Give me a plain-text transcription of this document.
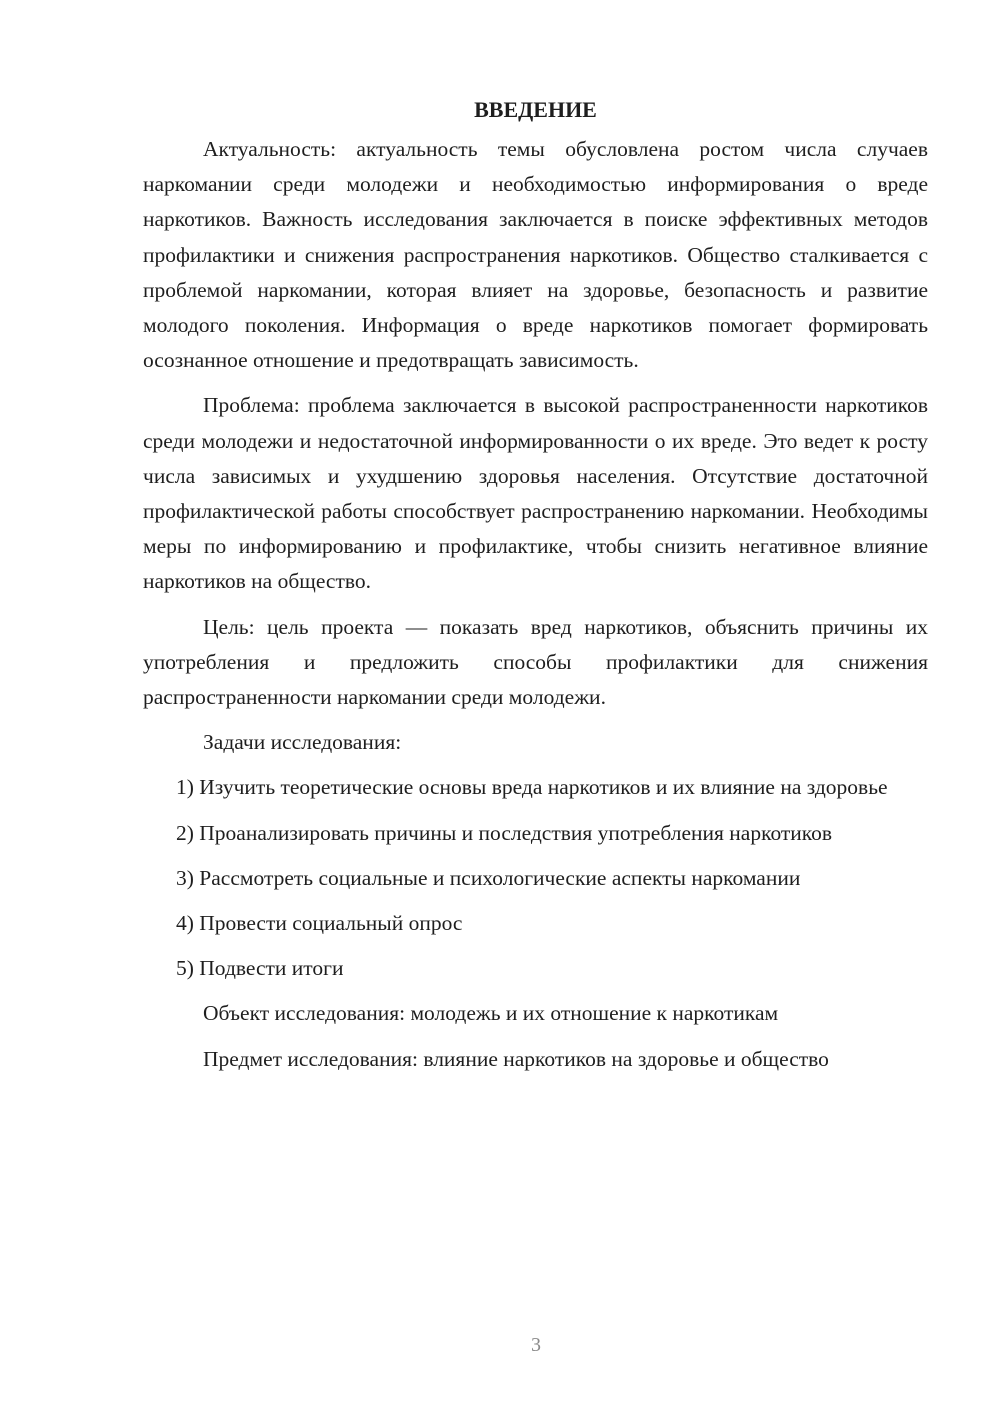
ВВЕДЕНИЕ

Актуальность: актуальность темы обусловлена ростом числа случаев наркомании среди молодежи и необходимостью информирования о вреде наркотиков. Важность исследования заключается в поиске эффективных методов профилактики и снижения распространения наркотиков. Общество сталкивается с проблемой наркомании, которая влияет на здоровье, безопасность и развитие молодого поколения. Информация о вреде наркотиков помогает формировать осознанное отношение и предотвращать зависимость.

Проблема: проблема заключается в высокой распространенности наркотиков среди молодежи и недостаточной информированности о их вреде. Это ведет к росту числа зависимых и ухудшению здоровья населения. Отсутствие достаточной профилактической работы способствует распространению наркомании. Необходимы меры по информированию и профилактике, чтобы снизить негативное влияние наркотиков на общество.

Цель: цель проекта — показать вред наркотиков, объяснить причины их употребления и предложить способы профилактики для снижения распространенности наркомании среди молодежи.

Задачи исследования:

1) Изучить теоретические основы вреда наркотиков и их влияние на здоровье

2) Проанализировать причины и последствия употребления наркотиков

3) Рассмотреть социальные и психологические аспекты наркомании

4) Провести социальный опрос

5) Подвести итоги

Объект исследования: молодежь и их отношение к наркотикам

Предмет исследования: влияние наркотиков на здоровье и общество

3
